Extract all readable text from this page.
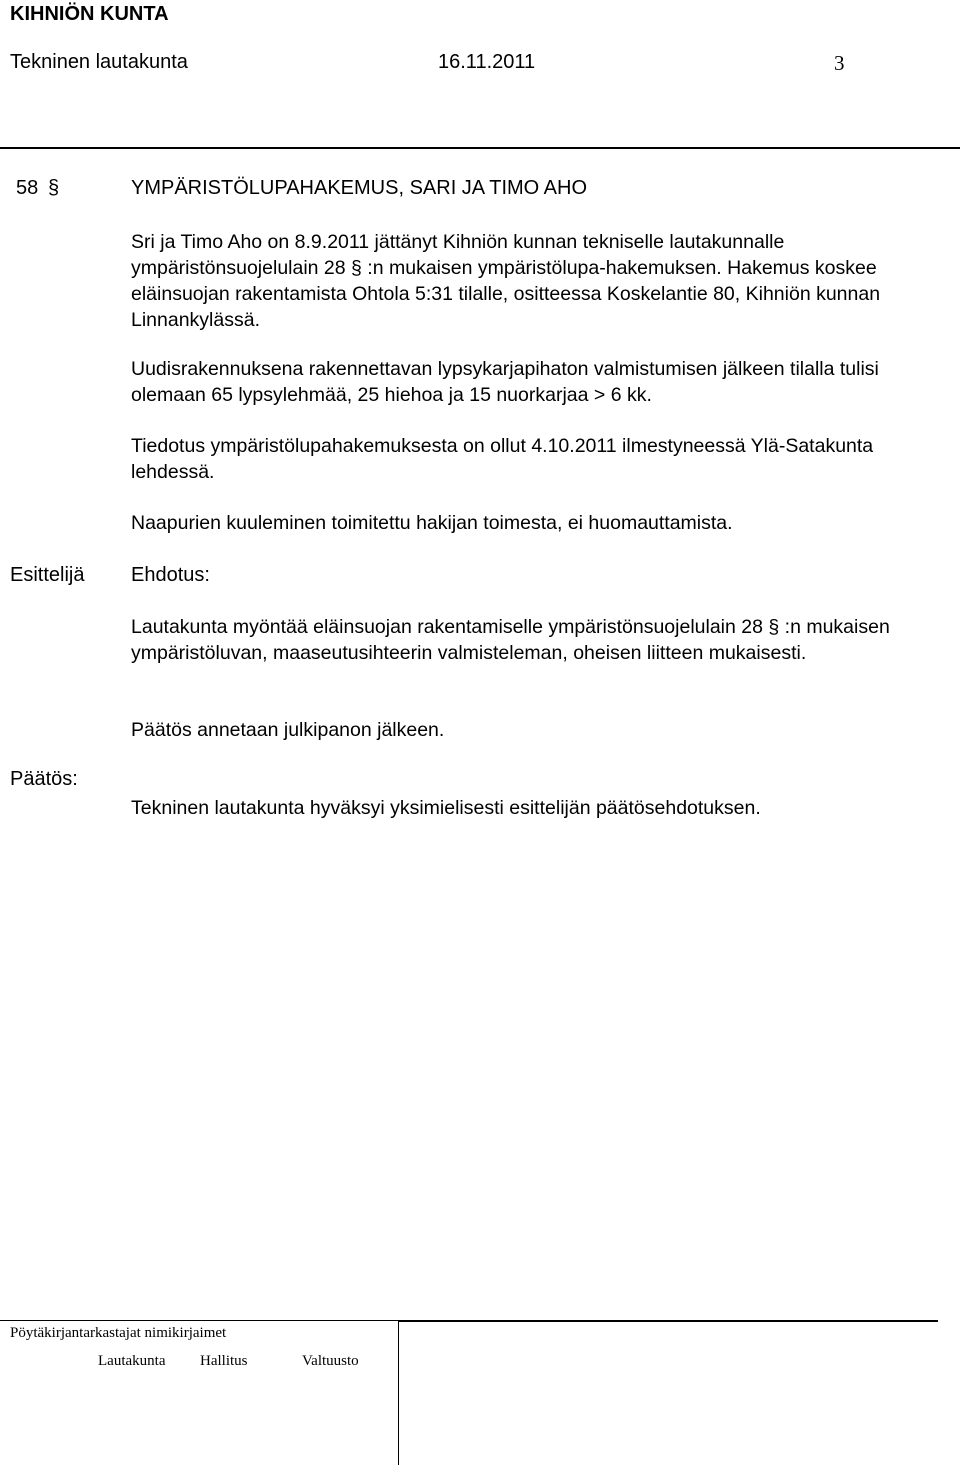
KIHNIÖN KUNTA
Tekninen lautakunta	16.11.2011	3
58 §	YMPÄRISTÖLUPAHAKEMUS, SARI JA TIMO AHO

Sri ja Timo Aho on 8.9.2011 jättänyt Kihniön kunnan tekniselle lautakunnalle ympäristönsuojelulain 28 § :n mukaisen ympäristölupa-hakemuksen. Hakemus koskee eläinsuojan rakentamista Ohtola 5:31 tilalle, ositteessa Koskelantie 80, Kihniön kunnan Linnankylässä.

Uudisrakennuksena rakennettavan lypsykarjapihaton valmistumisen jälkeen tilalla tulisi olemaan 65 lypsylehmää, 25 hiehoa ja 15 nuorkarjaa > 6 kk.

Tiedotus ympäristölupahakemuksesta on ollut 4.10.2011 ilmestyneessä Ylä-Satakunta lehdessä.

Naapurien kuuleminen toimitettu hakijan toimesta, ei huomauttamista.

Esittelijä Ehdotus:

Lautakunta myöntää eläinsuojan rakentamiselle ympäristönsuojelulain 28 § :n mukaisen ympäristöluvan, maaseutusihteerin valmisteleman, oheisen liitteen mukaisesti.

Päätös annetaan julkipanon jälkeen.

Päätös:

Tekninen lautakunta hyväksyi yksimielisesti esittelijän päätösehdotuksen.

Pöytäkirjantarkastajat nimikirjaimet
Lautakunta Hallitus	Valtuusto
